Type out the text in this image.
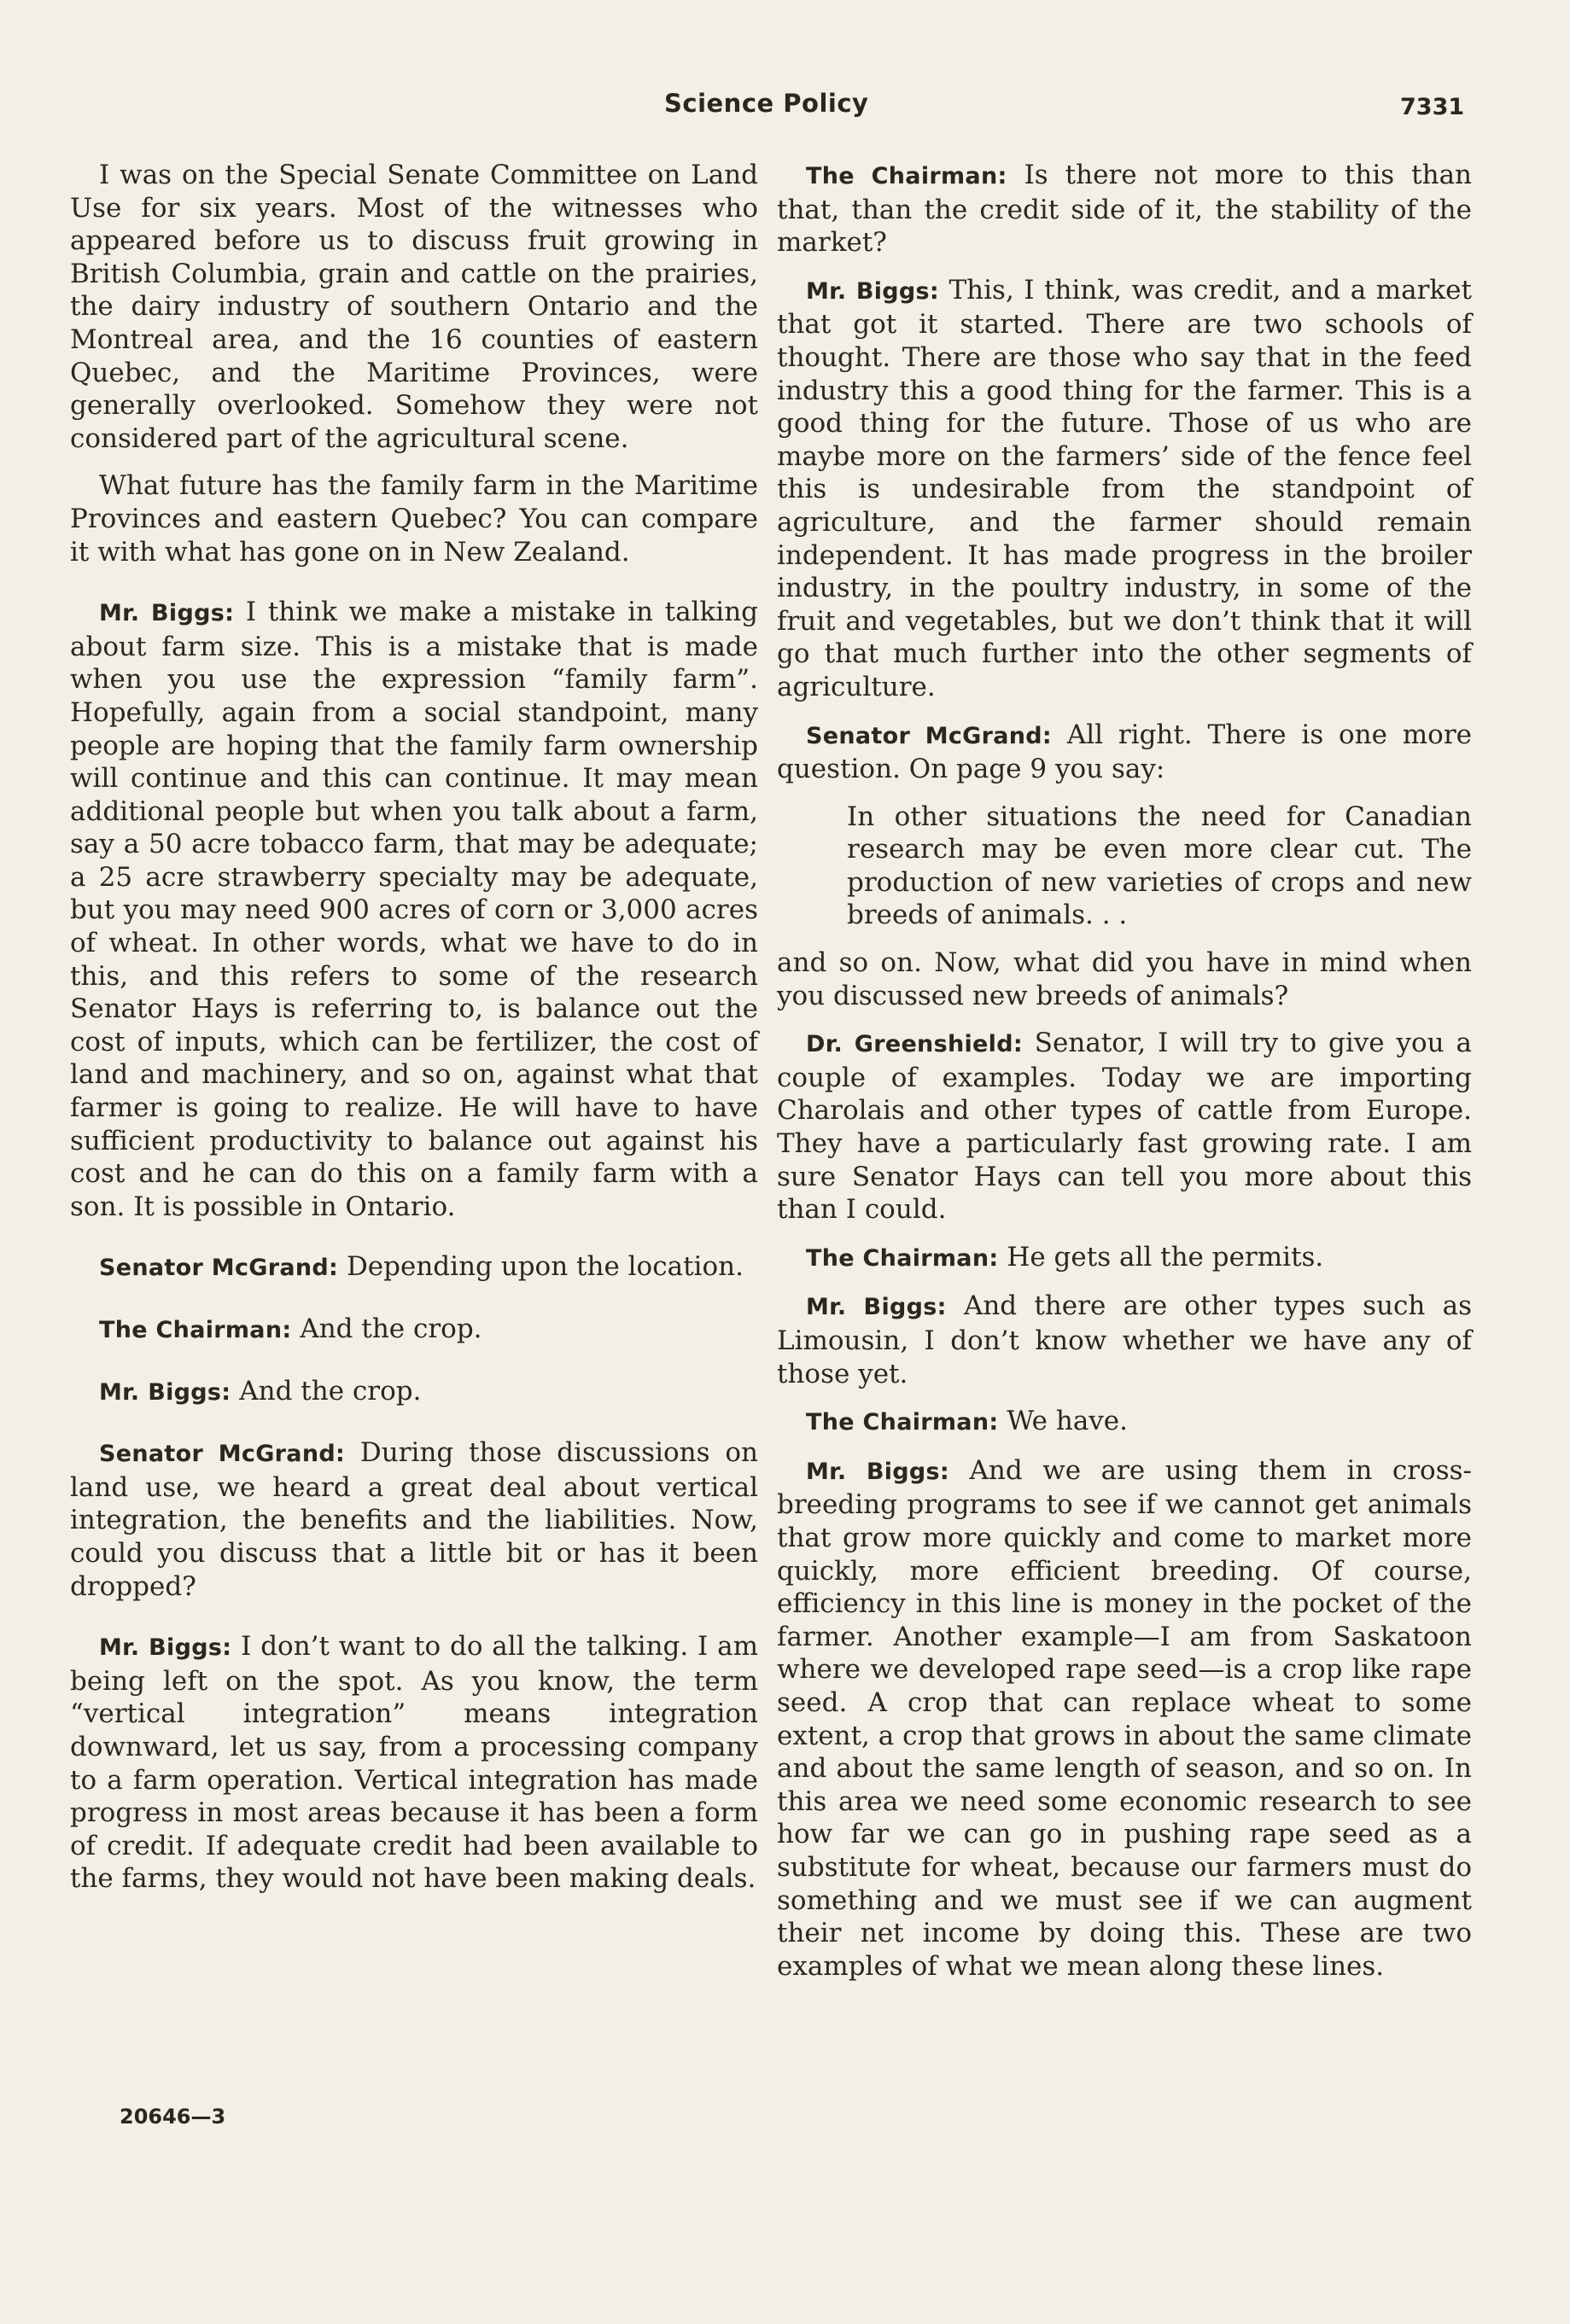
Science Policy	7331

I was on the Special Senate Committee on Land Use for six years. Most of the witnesses who appeared before us to discuss fruit growing in British Columbia, grain and cattle on the prairies, the dairy industry of southern Ontario and the Montreal area, and the 16 counties of eastern Quebec, and the Maritime Provinces, were generally overlooked. Somehow they were not considered part of the agricultural scene.

What future has the family farm in the Maritime Provinces and eastern Quebec? You can compare it with what has gone on in New Zealand.

Mr. Biggs: I think we make a mistake in talking about farm size. This is a mistake that is made when you use the expression “family farm”. Hopefully, again from a social standpoint, many people are hoping that the family farm ownership will continue and this can continue. It may mean additional people but when you talk about a farm, say a 50 acre tobacco farm, that may be adequate; a 25 acre strawberry specialty may be adequate, but you may need 900 acres of corn or 3,000 acres of wheat. In other words, what we have to do in this, and this refers to some of the research Senator Hays is referring to, is balance out the cost of inputs, which can be fertilizer, the cost of land and machinery, and so on, against what that farmer is going to realize. He will have to have sufficient productivity to balance out against his cost and he can do this on a family farm with a son. It is possible in Ontario.

Senator McGrand: Depending upon the location.

The Chairman: And the crop.

Mr. Biggs: And the crop.

Senator McGrand: During those discussions on land use, we heard a great deal about vertical integration, the benefits and the liabilities. Now, could you discuss that a little bit or has it been dropped?

Mr. Biggs: I don’t want to do all the talking. I am being left on the spot. As you know, the term “vertical integration” means integration downward, let us say, from a processing company to a farm operation. Vertical integration has made progress in most areas because it has been a form of credit. If adequate credit had been available to the farms, they would not have been making deals.

The Chairman: Is there not more to this than that, than the credit side of it, the stability of the market?

Mr. Biggs: This, I think, was credit, and a market that got it started. There are two schools of thought. There are those who say that in the feed industry this a good thing for the farmer. This is a good thing for the future. Those of us who are maybe more on the farmers’ side of the fence feel this is undesirable from the standpoint of agriculture, and the farmer should remain independent. It has made progress in the broiler industry, in the poultry industry, in some of the fruit and vegetables, but we don’t think that it will go that much further into the other segments of agriculture.

Senator McGrand: All right. There is one more question. On page 9 you say:

In other situations the need for Canadian research may be even more clear cut. The production of new varieties of crops and new breeds of animals. . .

and so on. Now, what did you have in mind when you discussed new breeds of animals?

Dr. Greenshield: Senator, I will try to give you a couple of examples. Today we are importing Charolais and other types of cattle from Europe. They have a particularly fast growing rate. I am sure Senator Hays can tell you more about this than I could.

The Chairman: He gets all the permits.

Mr. Biggs: And there are other types such as Limousin, I don’t know whether we have any of those yet.

The Chairman: We have.

Mr. Biggs: And we are using them in cross-breeding programs to see if we cannot get animals that grow more quickly and come to market more quickly, more efficient breeding. Of course, efficiency in this line is money in the pocket of the farmer. Another example—I am from Saskatoon where we developed rape seed—is a crop like rape seed. A crop that can replace wheat to some extent, a crop that grows in about the same climate and about the same length of season, and so on. In this area we need some economic research to see how far we can go in pushing rape seed as a substitute for wheat, because our farmers must do something and we must see if we can augment their net income by doing this. These are two examples of what we mean along these lines.

20646—3
